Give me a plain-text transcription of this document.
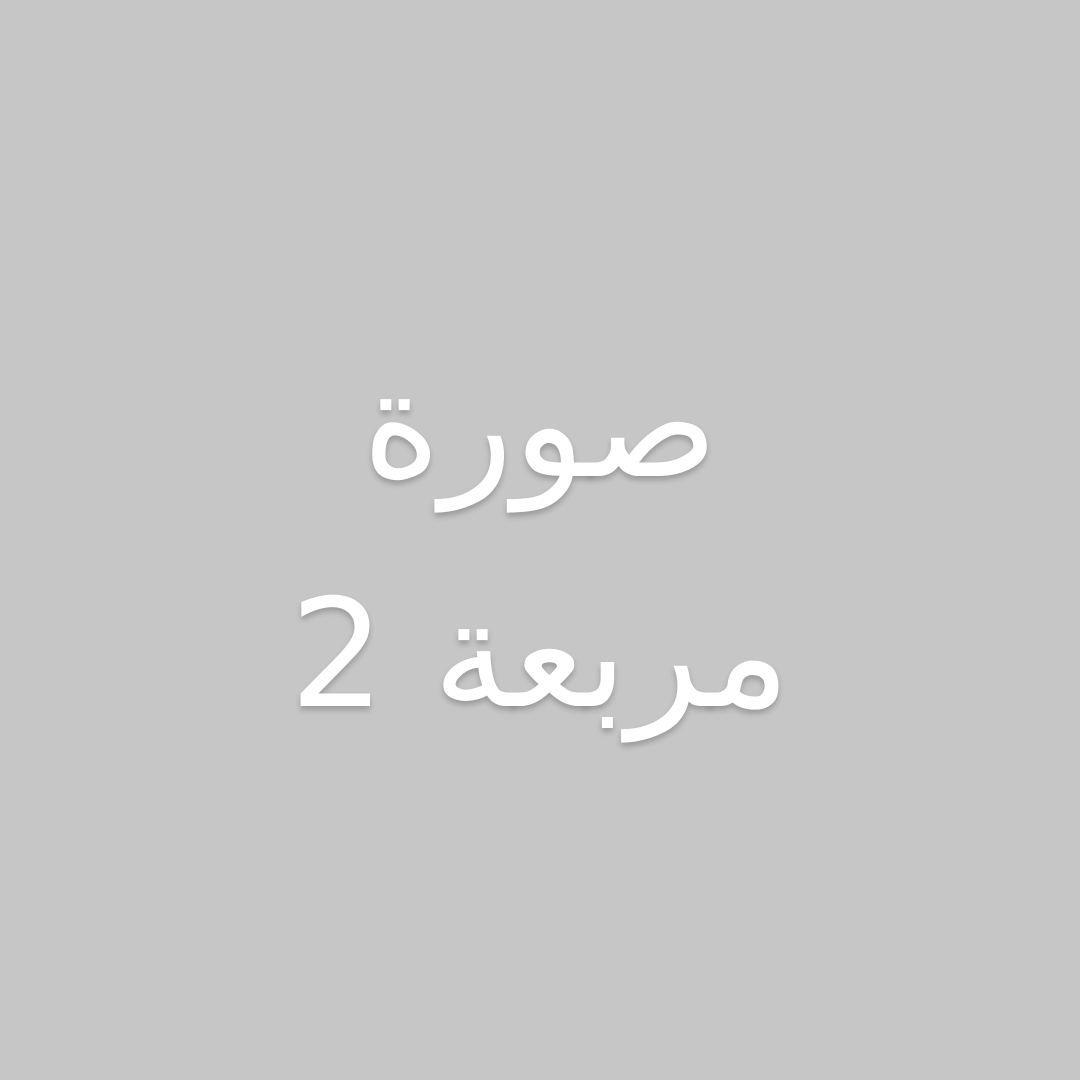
صورة
مربعة 2
